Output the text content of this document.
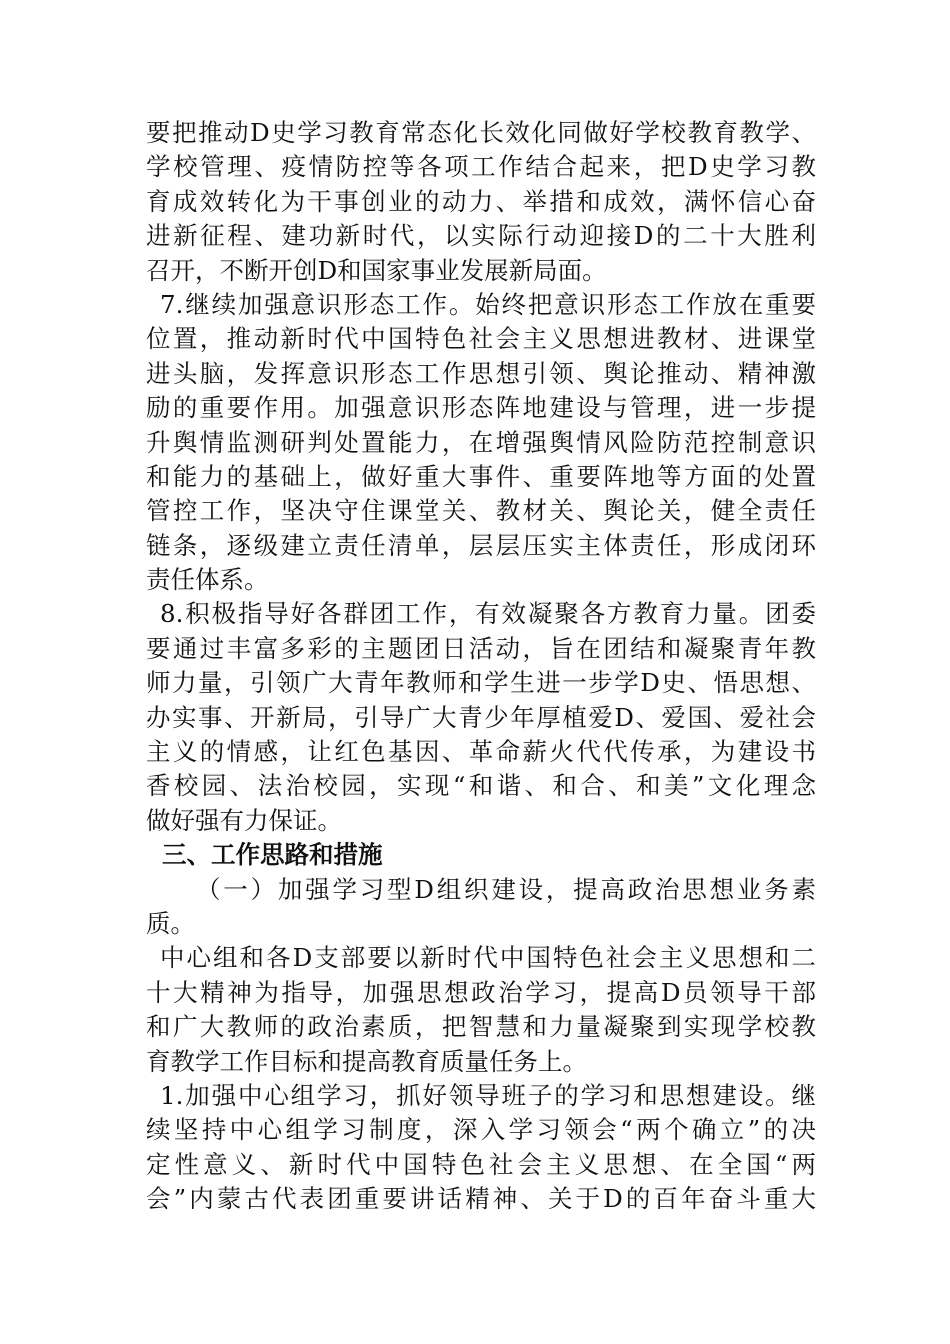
要把推动D史学习教育常态化长效化同做好学校教育教学、
学校管理、疫情防控等各项工作结合起来，把D史学习教
育成效转化为干事创业的动力、举措和成效，满怀信心奋
进新征程、建功新时代，以实际行动迎接D的二十大胜利
召开，不断开创D和国家事业发展新局面。
7.继续加强意识形态工作。始终把意识形态工作放在重要
位置，推动新时代中国特色社会主义思想进教材、进课堂
进头脑，发挥意识形态工作思想引领、舆论推动、精神激
励的重要作用。加强意识形态阵地建设与管理，进一步提
升舆情监测研判处置能力，在增强舆情风险防范控制意识
和能力的基础上，做好重大事件、重要阵地等方面的处置
管控工作，坚决守住课堂关、教材关、舆论关，健全责任
链条，逐级建立责任清单，层层压实主体责任，形成闭环
责任体系。
8.积极指导好各群团工作，有效凝聚各方教育力量。团委
要通过丰富多彩的主题团日活动，旨在团结和凝聚青年教
师力量，引领广大青年教师和学生进一步学D史、悟思想、
办实事、开新局，引导广大青少年厚植爱D、爱国、爱社会
主义的情感，让红色基因、革命薪火代代传承，为建设书
香校园、法治校园，实现“和谐、和合、和美”文化理念
做好强有力保证。
三、工作思路和措施
（一）加强学习型D组织建设，提高政治思想业务素
质。
中心组和各D支部要以新时代中国特色社会主义思想和二
十大精神为指导，加强思想政治学习，提高D员领导干部
和广大教师的政治素质，把智慧和力量凝聚到实现学校教
育教学工作目标和提高教育质量任务上。
1.加强中心组学习，抓好领导班子的学习和思想建设。继
续坚持中心组学习制度，深入学习领会“两个确立”的决
定性意义、新时代中国特色社会主义思想、在全国“两
会”内蒙古代表团重要讲话精神、关于D的百年奋斗重大
